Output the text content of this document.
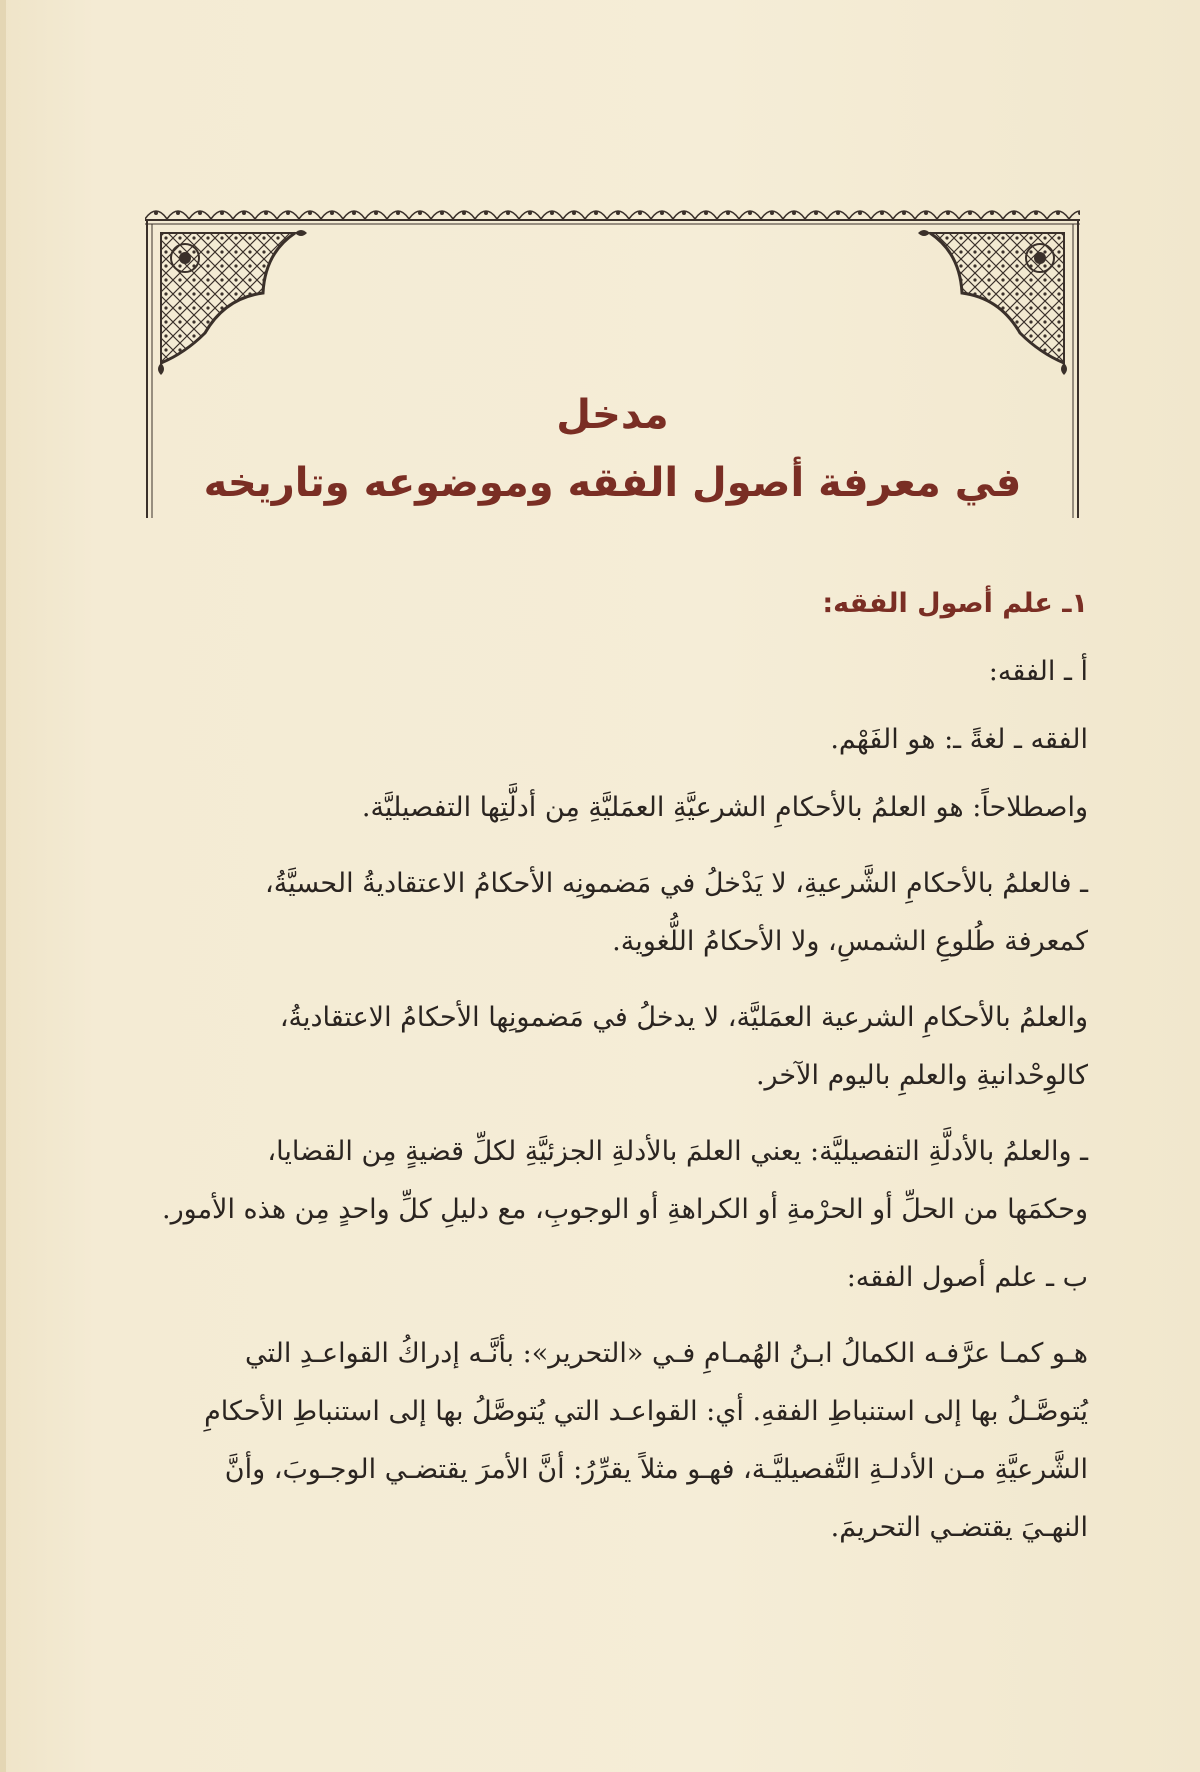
مدخل
في معرفة أصول الفقه وموضوعه وتاريخه
١ـ علم أصول الفقه:
أ ـ الفقه:
الفقه ـ لغةً ـ: هو الفَهْم.
واصطلاحاً: هو العلمُ بالأحكامِ الشرعيَّةِ العمَليَّةِ مِن أدلَّتِها التفصيليَّة.
ـ فالعلمُ بالأحكامِ الشَّرعيةِ، لا يَدْخلُ في مَضمونِه الأحكامُ الاعتقاديةُ الحسيَّةُ،
كمعرفة طُلوعِ الشمسِ، ولا الأحكامُ اللُّغوية.
والعلمُ بالأحكامِ الشرعية العمَليَّة، لا يدخلُ في مَضمونِها الأحكامُ الاعتقاديةُ،
كالوِحْدانيةِ والعلمِ باليوم الآخر.
ـ والعلمُ بالأدلَّةِ التفصيليَّة: يعني العلمَ بالأدلةِ الجزئيَّةِ لكلِّ قضيةٍ مِن القضايا،
وحكمَها من الحلِّ أو الحرْمةِ أو الكراهةِ أو الوجوبِ، مع دليلِ كلِّ واحدٍ مِن هذه الأمور.
ب ـ علم أصول الفقه:
هـو كمـا عرَّفـه الكمالُ ابـنُ الهُمـامِ فـي «التحرير»: بأنَّـه إدراكُ القواعـدِ التي
يُتوصَّـلُ بها إلى استنباطِ الفقهِ. أي: القواعـد التي يُتوصَّلُ بها إلى استنباطِ الأحكامِ
الشَّرعيَّةِ مـن الأدلـةِ التَّفصيليَّـة، فهـو مثلاً يقرِّرُ: أنَّ الأمرَ يقتضـي الوجـوبَ، وأنَّ
النهـيَ يقتضـي التحريمَ.
